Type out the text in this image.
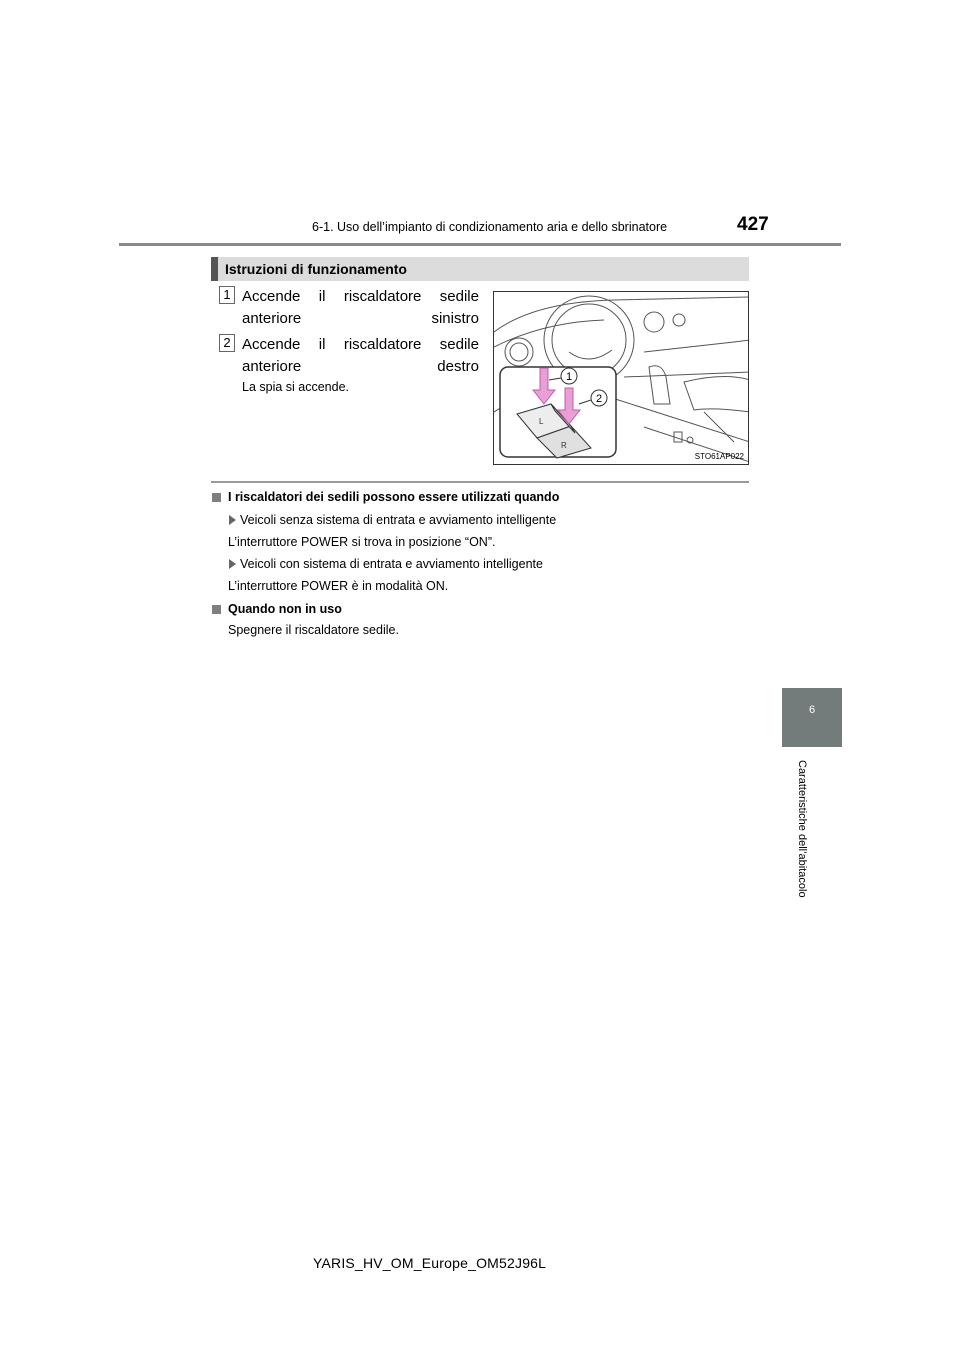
6-1. Uso dell’impianto di condizionamento aria e dello sbrinatore	427
6
Caratteristiche dell’abitacolo
Istruzioni di funzionamento
1 Accende il riscaldatore sedile anteriore sinistro
2 Accende il riscaldatore sedile anteriore destro
La spia si accende.
1
2
L
R
STO61AP022
I riscaldatori dei sedili possono essere utilizzati quando
Veicoli senza sistema di entrata e avviamento intelligente
L’interruttore POWER si trova in posizione “ON”.
Veicoli con sistema di entrata e avviamento intelligente
L’interruttore POWER è in modalità ON.
Quando non in uso
Spegnere il riscaldatore sedile.
YARIS_HV_OM_Europe_OM52J96L
